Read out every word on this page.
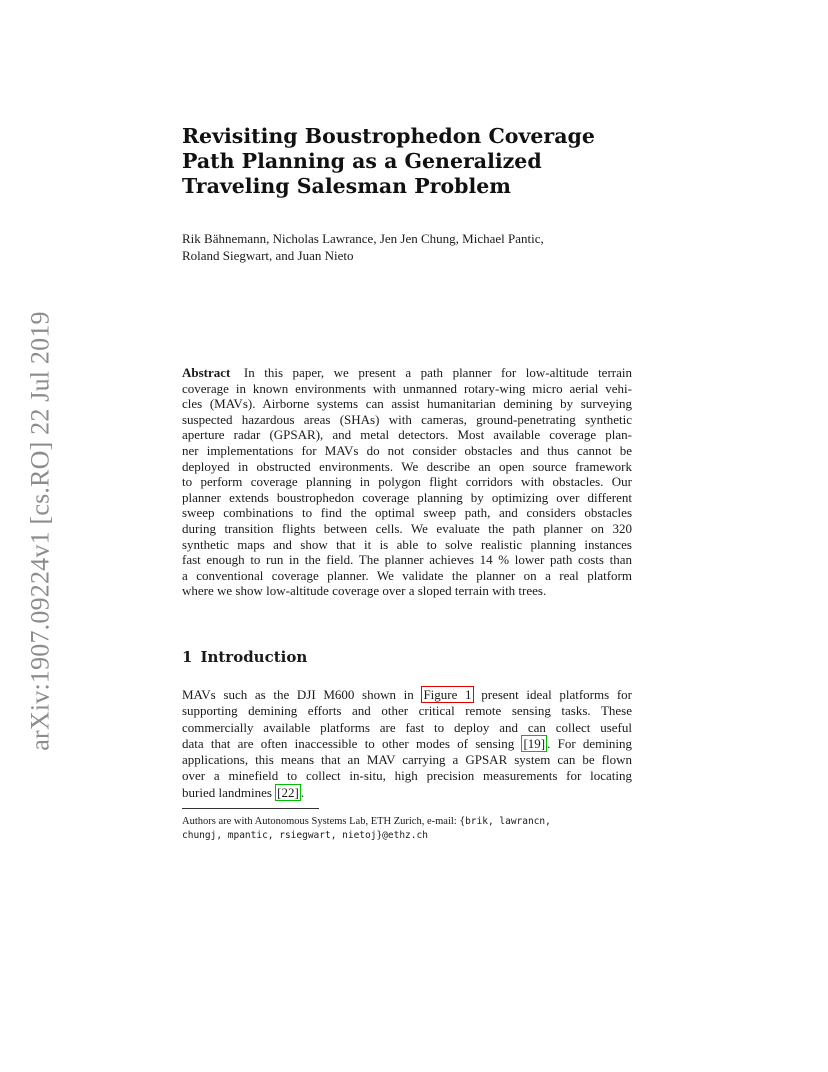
arXiv:1907.09224v1 [cs.RO] 22 Jul 2019
Revisiting Boustrophedon Coverage
Path Planning as a Generalized
Traveling Salesman Problem
Rik Bähnemann, Nicholas Lawrance, Jen Jen Chung, Michael Pantic,
Roland Siegwart, and Juan Nieto
Abstract In this paper, we present a path planner for low-altitude terrain
coverage in known environments with unmanned rotary-wing micro aerial vehi-
cles (MAVs). Airborne systems can assist humanitarian demining by surveying
suspected hazardous areas (SHAs) with cameras, ground-penetrating synthetic
aperture radar (GPSAR), and metal detectors. Most available coverage plan-
ner implementations for MAVs do not consider obstacles and thus cannot be
deployed in obstructed environments. We describe an open source framework
to perform coverage planning in polygon flight corridors with obstacles. Our
planner extends boustrophedon coverage planning by optimizing over different
sweep combinations to find the optimal sweep path, and considers obstacles
during transition flights between cells. We evaluate the path planner on 320
synthetic maps and show that it is able to solve realistic planning instances
fast enough to run in the field. The planner achieves 14 % lower path costs than
a conventional coverage planner. We validate the planner on a real platform
where we show low-altitude coverage over a sloped terrain with trees.
1 Introduction
MAVs such as the DJI M600 shown in Figure 1 present ideal platforms for
supporting demining efforts and other critical remote sensing tasks. These
commercially available platforms are fast to deploy and can collect useful
data that are often inaccessible to other modes of sensing [19] . For demining
applications, this means that an MAV carrying a GPSAR system can be flown
over a minefield to collect in-situ, high precision measurements for locating
buried landmines [22] .
Authors are with Autonomous Systems Lab, ETH Zurich, e-mail: {brik, lawrancn,
chungj, mpantic, rsiegwart, nietoj}@ethz.ch
